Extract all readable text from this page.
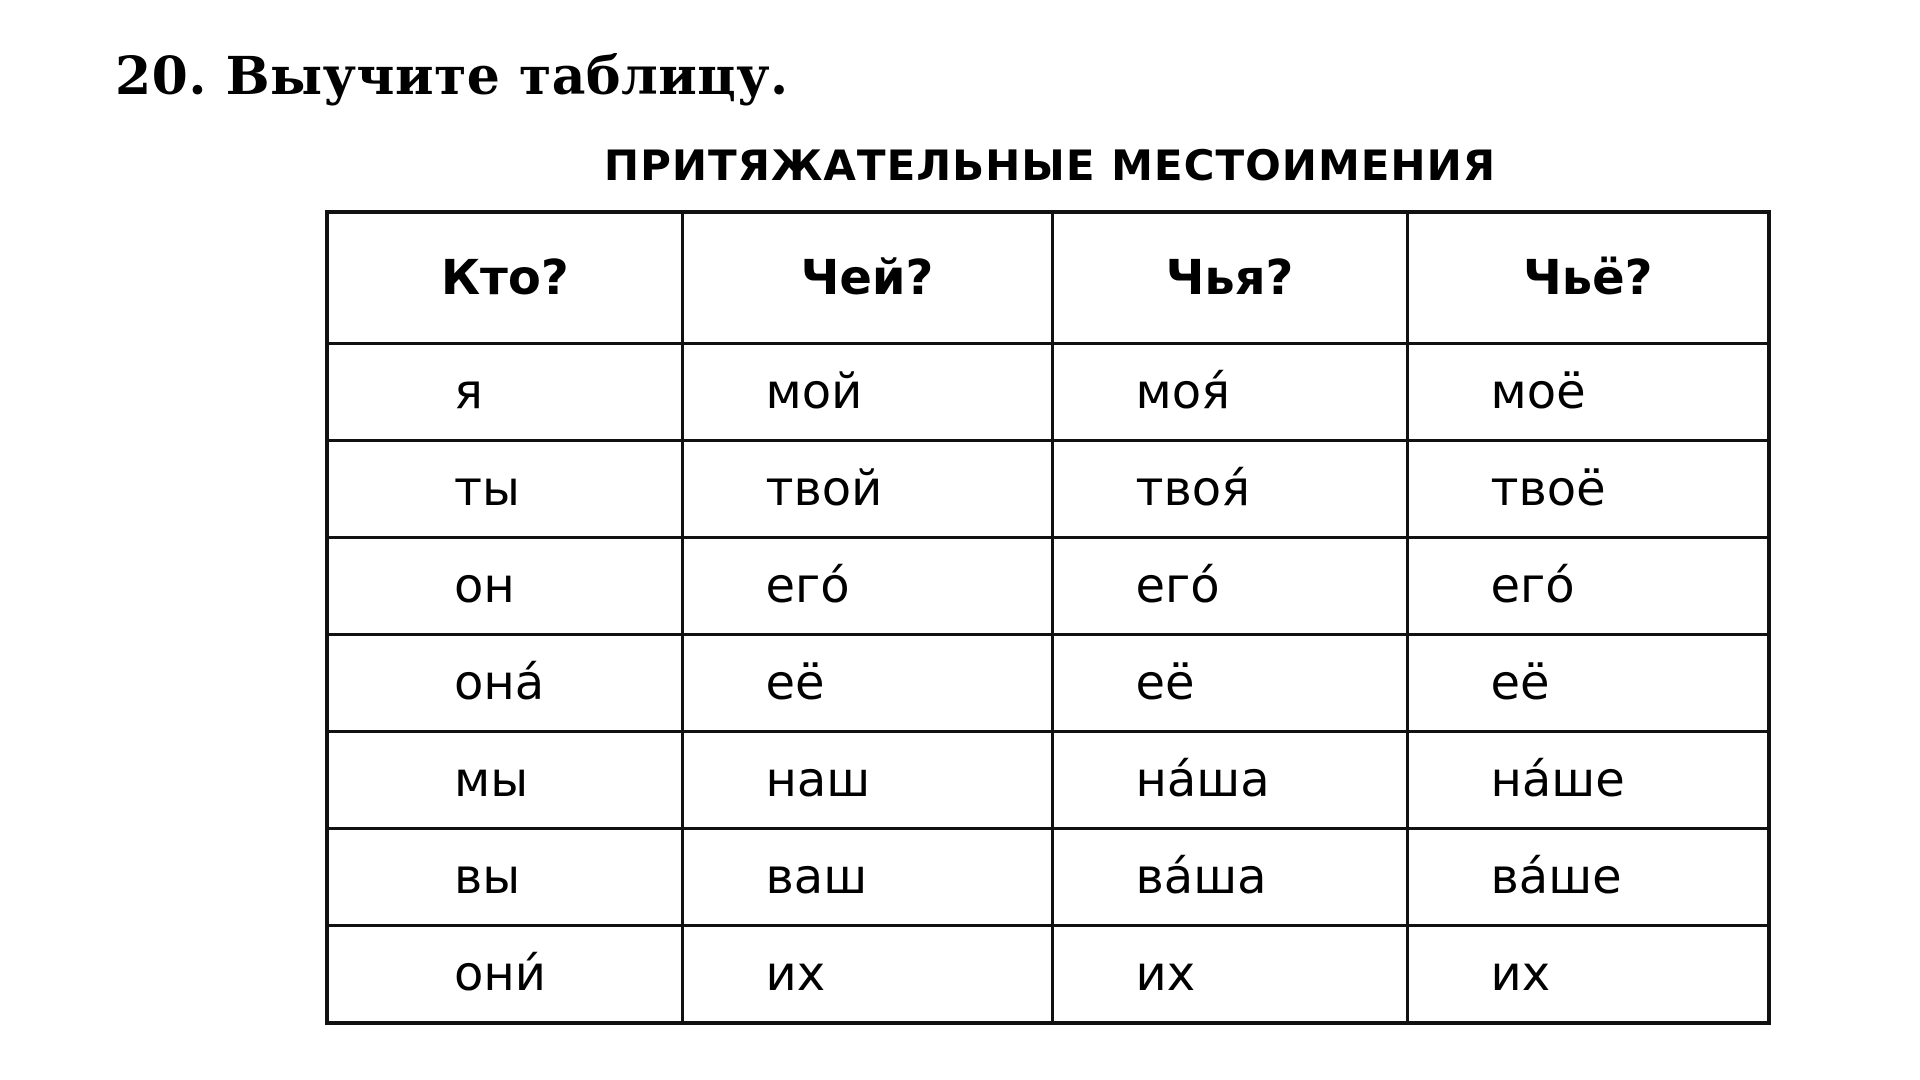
20. Выучите таблицу.
ПРИТЯЖАТЕЛЬНЫЕ МЕСТОИМЕНИЯ
Кто?	Чей?	Чья?	Чьё?
я	мой	моя́	моё
ты	твой	твоя́	твоё
он	его́	его́	его́
она́	её	её	её
мы	наш	на́ша	на́ше
вы	ваш	ва́ша	ва́ше
они́	их	их	их
